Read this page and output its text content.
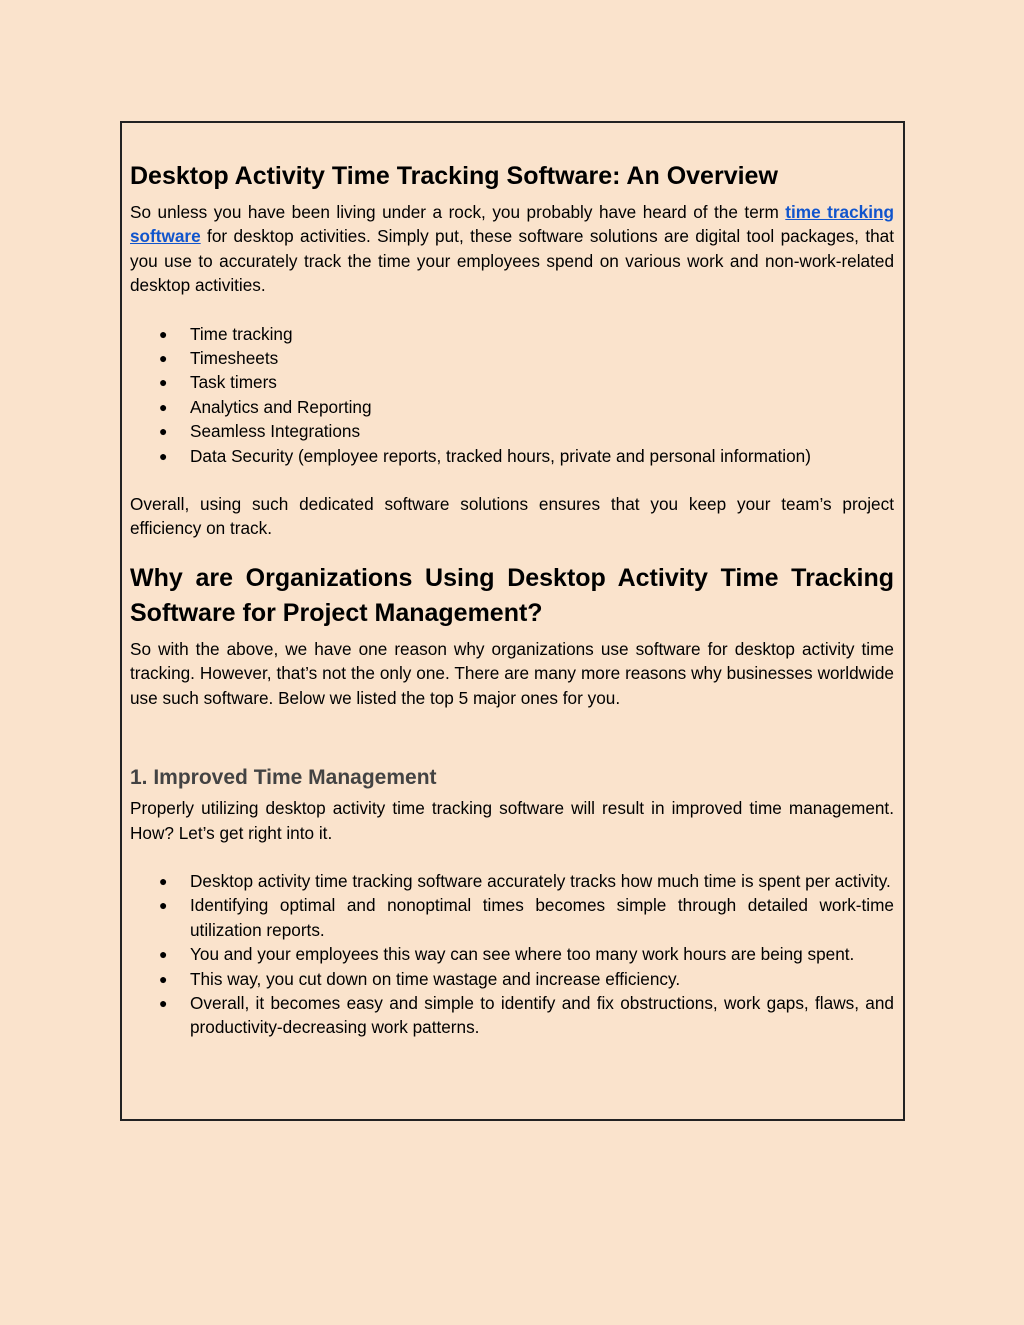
Desktop Activity Time Tracking Software: An Overview

So unless you have been living under a rock, you probably have heard of the term time tracking software for desktop activities. Simply put, these software solutions are digital tool packages, that you use to accurately track the time your employees spend on various work and non-work-related desktop activities.

● Time tracking
● Timesheets
● Task timers
● Analytics and Reporting
● Seamless Integrations
● Data Security (employee reports, tracked hours, private and personal information)

Overall, using such dedicated software solutions ensures that you keep your team’s project efficiency on track.

Why are Organizations Using Desktop Activity Time Tracking Software for Project Management?

So with the above, we have one reason why organizations use software for desktop activity time tracking. However, that’s not the only one. There are many more reasons why businesses worldwide use such software. Below we listed the top 5 major ones for you.

1. Improved Time Management

Properly utilizing desktop activity time tracking software will result in improved time management. How? Let’s get right into it.

● Desktop activity time tracking software accurately tracks how much time is spent per activity.
● Identifying optimal and nonoptimal times becomes simple through detailed work-time utilization reports.
● You and your employees this way can see where too many work hours are being spent.
● This way, you cut down on time wastage and increase efficiency.
● Overall, it becomes easy and simple to identify and fix obstructions, work gaps, flaws, and productivity-decreasing work patterns.
